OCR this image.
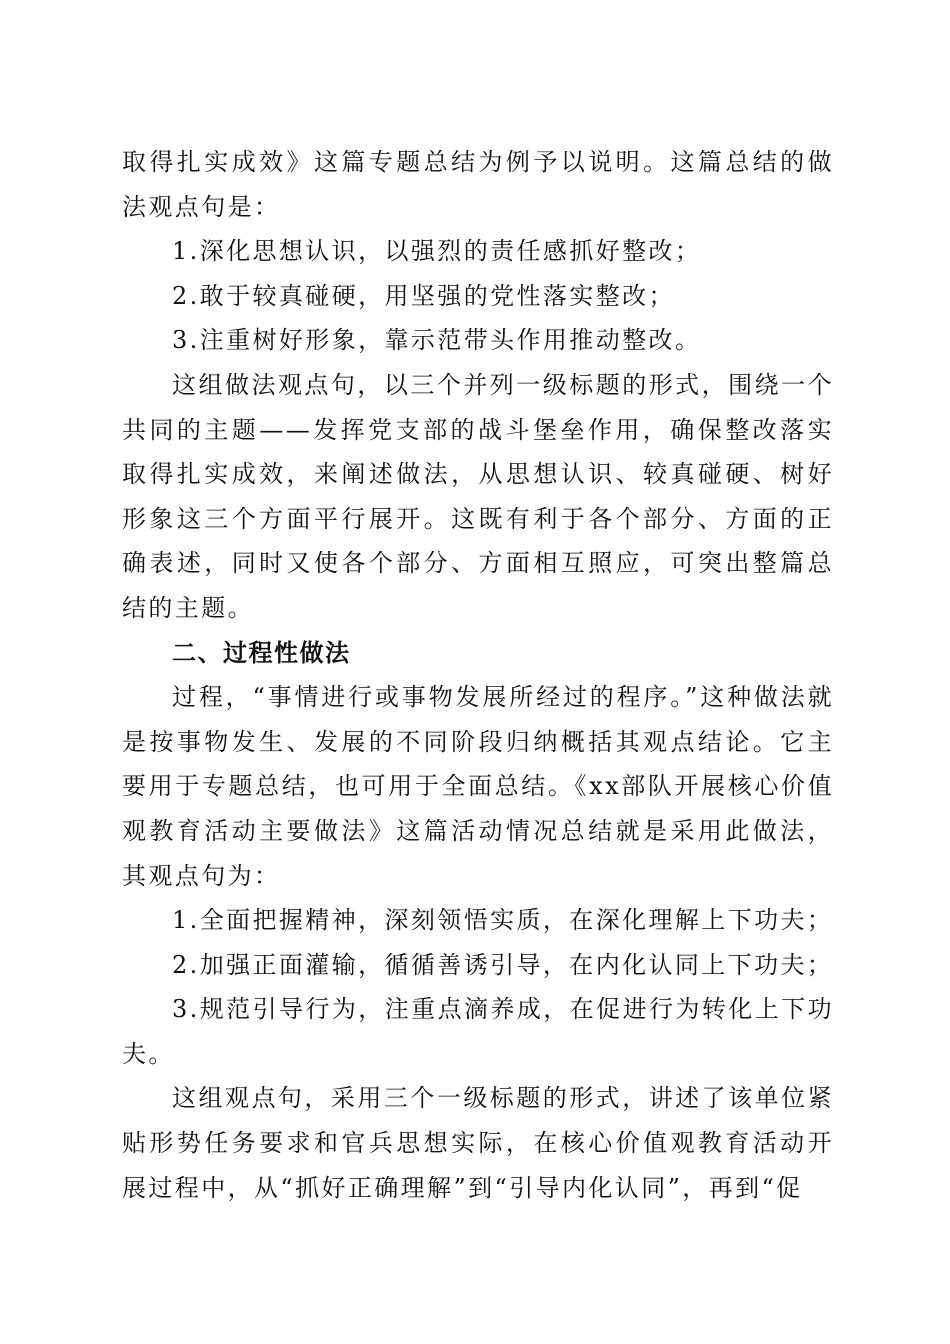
取得扎实成效》这篇专题总结为例予以说明。这篇总结的做法观点句是：

1.深化思想认识，以强烈的责任感抓好整改；

2.敢于较真碰硬，用坚强的党性落实整改；

3.注重树好形象，靠示范带头作用推动整改。

这组做法观点句，以三个并列一级标题的形式，围绕一个共同的主题——发挥党支部的战斗堡垒作用，确保整改落实取得扎实成效，来阐述做法，从思想认识、较真碰硬、树好形象这三个方面平行展开。这既有利于各个部分、方面的正确表述，同时又使各个部分、方面相互照应，可突出整篇总结的主题。

二、过程性做法

过程，“事情进行或事物发展所经过的程序。”这种做法就是按事物发生、发展的不同阶段归纳概括其观点结论。它主要用于专题总结，也可用于全面总结。《xx部队开展核心价值观教育活动主要做法》这篇活动情况总结就是采用此做法，其观点句为：

1.全面把握精神，深刻领悟实质，在深化理解上下功夫；

2.加强正面灌输，循循善诱引导，在内化认同上下功夫；

3.规范引导行为，注重点滴养成，在促进行为转化上下功夫。

这组观点句，采用三个一级标题的形式，讲述了该单位紧贴形势任务要求和官兵思想实际，在核心价值观教育活动开展过程中，从“抓好正确理解”到“引导内化认同”，再到“促
